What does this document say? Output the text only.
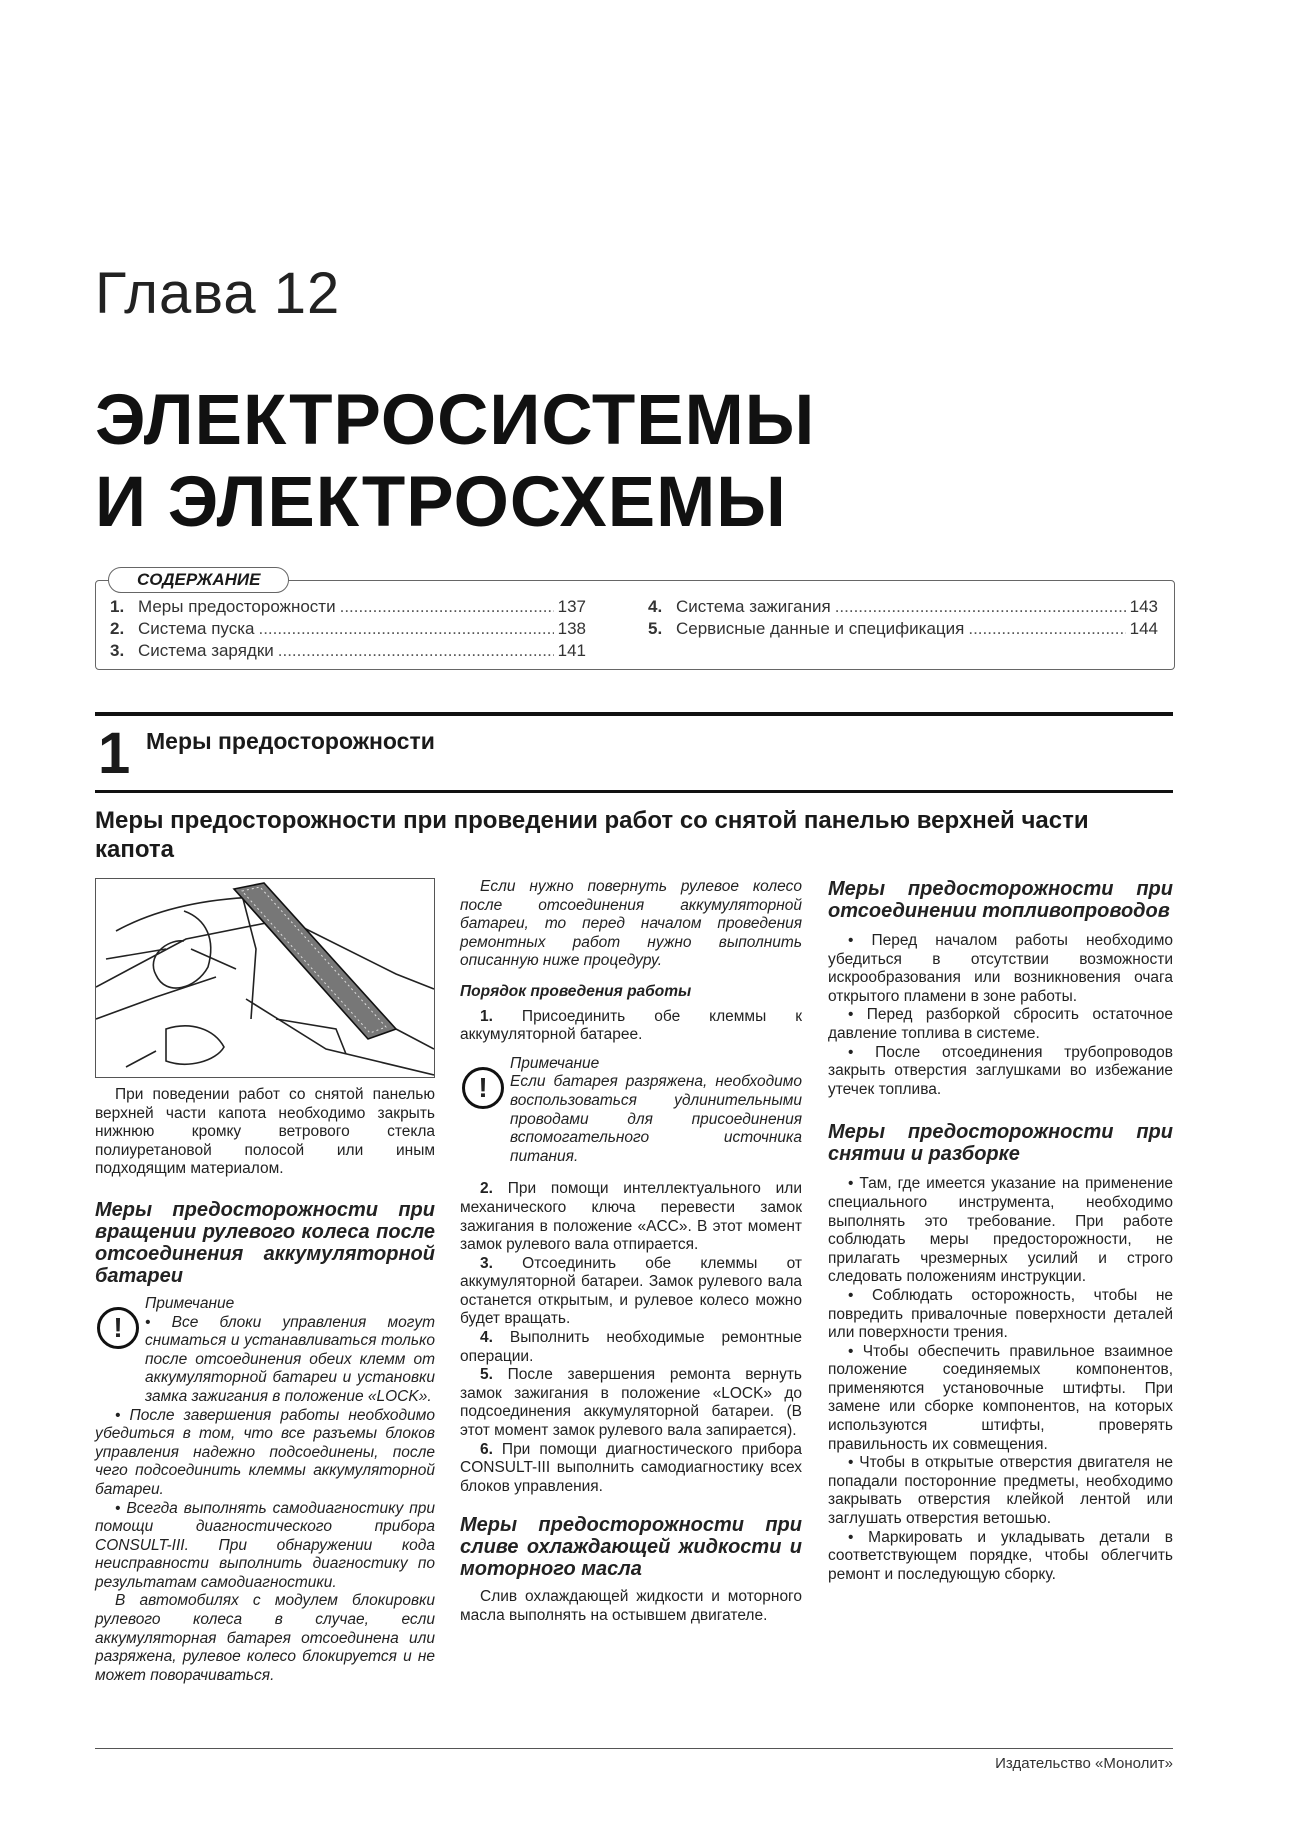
Глава 12
ЭЛЕКТРОСИСТЕМЫ
И ЭЛЕКТРОСХЕМЫ
СОДЕРЖАНИЕ
1. Меры предосторожности .....	137
2. Система пуска .....	138
3. Система зарядки .....	141
4. Система зажигания .....	143
5. Сервисные данные и спецификация .....	144
1 Меры предосторожности
Меры предосторожности при проведении работ со снятой панелью верхней части капота

При поведении работ со снятой панелью верхней части капота необходимо закрыть нижнюю кромку ветрового стекла полиуретановой полосой или иным подходящим материалом.

Меры предосторожности при вращении рулевого колеса после отсоединения аккумуляторной батареи
!
Примечание
• Все блоки управления могут сниматься и устанавливаться только после отсоединения обеих клемм от аккумуляторной батареи и установки замка зажигания в положение «LOCK».

• После завершения работы необходимо убедиться в том, что все разъемы блоков управления надежно подсоединены, после чего подсоединить клеммы аккумуляторной батареи.

• Всегда выполнять самодиагностику при помощи диагностического прибора CONSULT-III. При обнаружении кода неисправности выполнить диагностику по результатам самодиагностики.

В автомобилях с модулем блокировки рулевого колеса в случае, если аккумуляторная батарея отсоединена или разряжена, рулевое колесо блокируется и не может поворачиваться.

Если нужно повернуть рулевое колесо после отсоединения аккумуляторной батареи, то перед началом проведения ремонтных работ нужно выполнить описанную ниже процедуру.

Порядок проведения работы

1. Присоединить обе клеммы к аккумуляторной батарее.

!
Примечание
Если батарея разряжена, необходимо воспользоваться удлинительными проводами для присоединения вспомогательного источника питания.

2. При помощи интеллектуального или механического ключа перевести замок зажигания в положение «ACC». В этот момент замок рулевого вала отпирается.

3. Отсоединить обе клеммы от аккумуляторной батареи. Замок рулевого вала останется открытым, и рулевое колесо можно будет вращать.

4. Выполнить необходимые ремонтные операции.

5. После завершения ремонта вернуть замок зажигания в положение «LOCK» до подсоединения аккумуляторной батареи. (В этот момент замок рулевого вала запирается).

6. При помощи диагностического прибора CONSULT-III выполнить самодиагностику всех блоков управления.

Меры предосторожности при сливе охлаждающей жидкости и моторного масла

Слив охлаждающей жидкости и моторного масла выполнять на остывшем двигателе.

Меры предосторожности при отсоединении топливопроводов

• Перед началом работы необходимо убедиться в отсутствии возможности искрообразования или возникновения очага открытого пламени в зоне работы.

• Перед разборкой сбросить остаточное давление топлива в системе.

• После отсоединения трубопроводов закрыть отверстия заглушками во избежание утечек топлива.

Меры предосторожности при снятии и разборке

• Там, где имеется указание на применение специального инструмента, необходимо выполнять это требование. При работе соблюдать меры предосторожности, не прилагать чрезмерных усилий и строго следовать положениям инструкции.

• Соблюдать осторожность, чтобы не повредить привалочные поверхности деталей или поверхности трения.

• Чтобы обеспечить правильное взаимное положение соединяемых компонентов, применяются установочные штифты. При замене или сборке компонентов, на которых используются штифты, проверять правильность их совмещения.

• Чтобы в открытые отверстия двигателя не попадали посторонние предметы, необходимо закрывать отверстия клейкой лентой или заглушать отверстия ветошью.

• Маркировать и укладывать детали в соответствующем порядке, чтобы облегчить ремонт и последующую сборку.

Издательство «Монолит»
